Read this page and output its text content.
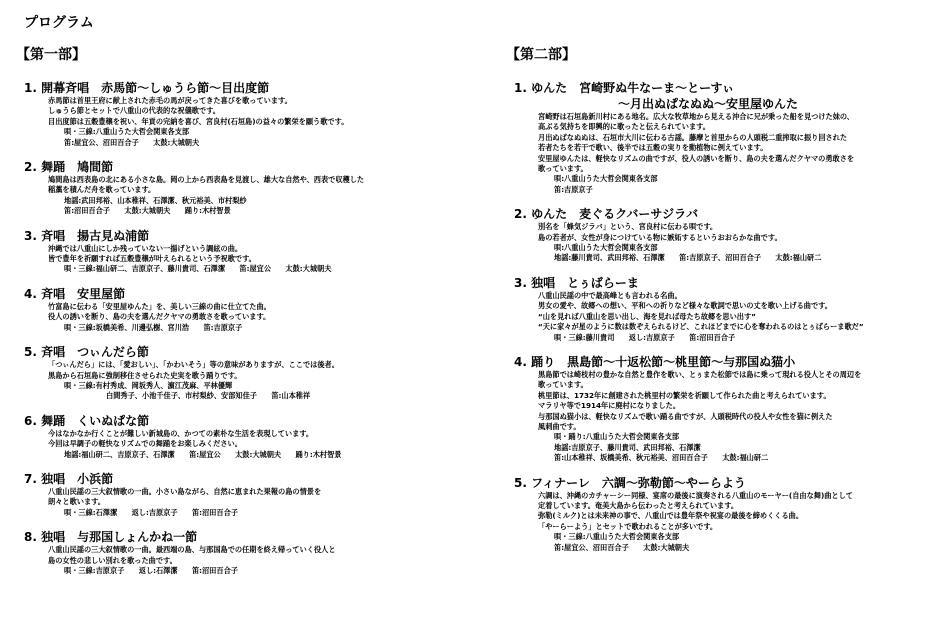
プログラム
【第一部】
1. 開幕斉唱　赤馬節～しゅうら節～目出度節
赤馬節は首里王府に献上された赤毛の馬が戻ってきた喜びを歌っています。
しゅうら節とセットで八重山の代表的な祝儀歌です。
目出度節は五穀豊穣を祝い、年貢の完納を喜び、宮良村(石垣島)の益々の繁栄を願う歌です。
唄・三線:八重山うた大哲会関東各支部
笛:屋宜公、沼田百合子　　太鼓:大城朝夫
2. 舞踊　鳩間節
鳩間島は西表島の北にある小さな島。岡の上から西表島を見渡し、雄大な自然や、西表で収穫した
稲藁を積んだ舟を歌っています。
地謡:武田邦裕、山本稚祥、石澤潔、秋元裕美、市村梨紗
笛:沼田百合子　　太鼓:大城朝夫　　踊り:木村智景
3. 斉唱　揚古見ぬ浦節
沖縄では八重山にしか残っていない一揚げという調絃の曲。
皆で豊年を祈願すれば五穀豊穣が叶えられるという予祝歌です。
唄・三線:福山研二、吉原京子、藤川貴司、石澤潔　　笛:屋宜公　　太鼓:大城朝夫
4. 斉唱　安里屋節
竹富島に伝わる「安里屋ゆんた」を、美しい三線の曲に仕立てた曲。
役人の誘いを断り、島の夫を選んだクヤマの勇敢さを歌っています。
唄・三線:坂橋美希、川邊弘樹、宮川浩　　笛:吉原京子
5. 斉唱　つぃんだら節
「つぃんだら」には、「愛おしい」、「かわいそう」等の意味がありますが、ここでは後者。
黒島から石垣島に強制移住させられた史実を歌う踊りです。
唄・三線:有村秀成、岡坂秀人、濵江茂麻、平林優輝
白間秀子、小池千佳子、市村梨紗、安部知佳子　　笛:山本稚祥
6. 舞踊　くいぬぱな節
今はなかなか行くことが難しい新城島の、かつての素朴な生活を表現しています。
今回は早調子の軽快なリズムでの舞踊をお楽しみください。
地謡:福山研二、吉原京子、石澤潔　　笛:屋宜公　　太鼓:大城朝夫　　踊り:木村智景
7. 独唱　小浜節
八重山民謡の三大叙情歌の一曲。小さい島ながら、自然に恵まれた果報の島の情景を
朗々と歌います。
唄・三線:石澤潔　　返し:吉原京子　　笛:沼田百合子
8. 独唱　与那国しょんかね一節
八重山民謡の三大叙情歌の一曲。最西端の島、与那国島での任期を終え帰っていく役人と
島の女性の悲しい別れを歌った曲です。
唄・三線:吉原京子　　返し:石澤潔　　笛:沼田百合子
【第二部】
1. ゆんた　宮崎野ぬ牛なーま～とーすぃ
～月出ぬぱなぬぬ～安里屋ゆんた
宮崎野は石垣島新川村にある地名。広大な牧草地から見える沖合に兄が乗った船を見つけた妹の、
高ぶる気持ちを即興的に歌ったと伝えられています。
月出ぬぱなぬぬは、石垣市大川に伝わる古謡。藤摩と首里からの人頭税二重搾取に振り回された
若者たちを若干で歌い、後半では五穀の実りを動植物に例えています。
安里屋ゆんたは、軽快なリズムの曲ですが、役人の誘いを断り、島の夫を選んだクヤマの勇敢さを
歌っています。
唄:八重山うた大哲会関東各支部
笛:吉原京子
2. ゆんた　麦ぐるクバーサジラバ
別名を「蜂気ジラバ」という、宮良村に伝わる唄です。
島の若者が、女性が身につけている物に嫉妬するというおおらかな曲です。
唄:八重山うた大哲会関東各支部
地謡:藤川貴司、武田邦裕、石澤潔　　笛:吉原京子、沼田百合子　　太鼓:福山研二
3. 独唱　とぅばらーま
八重山民謡の中で最高峰とも言われる名曲。
男女の愛や、故郷への想い、平和への祈りなど様々な歌詞で思いの丈を歌い上げる曲です。
“山を見れば八重山を思い出し、海を見れば母たち故郷を思い出す”
“天に家々が星のように数は数ぞえられるけど、これほどまでに心を奪われるのはとぅばらーま歌だ”
唄・三線:藤川貴司　　返し:吉原京子　　笛:沼田百合子
4. 踊り　黒島節～十返松節～桃里節～与那国ぬ猫小
黒島節では崎枝村の豊かな自然と豊作を歌い、とぅまた松節では島に乗って現れる役人とその周辺を
歌っています。
桃里節は、1732年に創建された桃里村の繁栄を祈願して作られた曲と考えられています。
マラリヤ等で1914年に廃村になりました。
与那国ぬ猫小は、軽快なリズムで歌い踊る曲ですが、人頭税時代の役人や女性を猫に例えた
風刺曲です。
唄・踊り:八重山うた大哲会関東各支部
地謡:吉原京子、藤川貴司、武田邦裕、石澤潔
笛:山本稚祥、坂橋美希、秋元裕美、沼田百合子　　太鼓:福山研二
5. フィナーレ　六調～弥勒節～やーらよう
六調は、沖縄のカチャーシー同様、宴席の最後に演奏される八重山のモーヤー(自由な舞)曲として
定着しています。奄美大島から伝わったと考えられています。
弥勒(ミルク)とは未来神の事で、八重山では豊年祭や祝宴の最後を締めくくる曲。
「やーらーよう」とセットで歌われることが多いです。
唄・三線:八重山うた大哲会関東各支部
笛:屋宜公、沼田百合子　　太鼓:大城朝夫
